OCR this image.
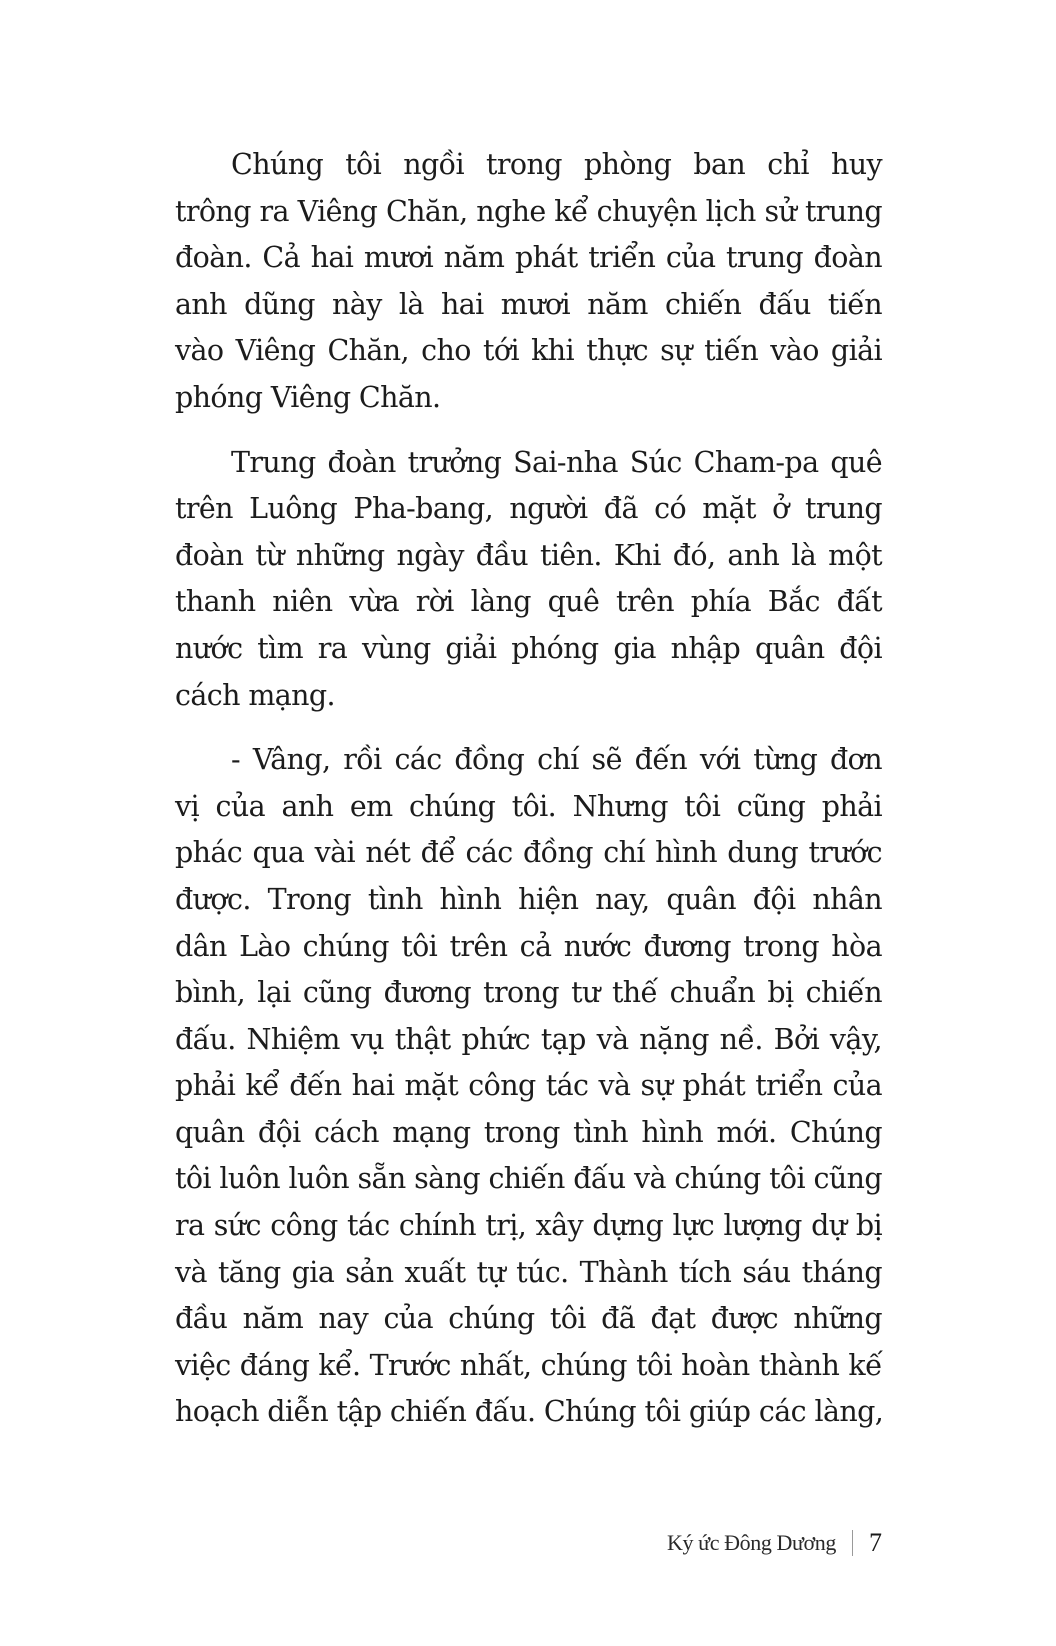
Chúng tôi ngồi trong phòng ban chỉ huy
trông ra Viêng Chăn, nghe kể chuyện lịch sử trung
đoàn. Cả hai mươi năm phát triển của trung đoàn
anh dũng này là hai mươi năm chiến đấu tiến
vào Viêng Chăn, cho tới khi thực sự tiến vào giải
phóng Viêng Chăn.
Trung đoàn trưởng Sai-nha Súc Cham-pa quê
trên Luông Pha-bang, người đã có mặt ở trung
đoàn từ những ngày đầu tiên. Khi đó, anh là một
thanh niên vừa rời làng quê trên phía Bắc đất
nước tìm ra vùng giải phóng gia nhập quân đội
cách mạng.
- Vâng, rồi các đồng chí sẽ đến với từng đơn
vị của anh em chúng tôi. Nhưng tôi cũng phải
phác qua vài nét để các đồng chí hình dung trước
được. Trong tình hình hiện nay, quân đội nhân
dân Lào chúng tôi trên cả nước đương trong hòa
bình, lại cũng đương trong tư thế chuẩn bị chiến
đấu. Nhiệm vụ thật phức tạp và nặng nề. Bởi vậy,
phải kể đến hai mặt công tác và sự phát triển của
quân đội cách mạng trong tình hình mới. Chúng
tôi luôn luôn sẵn sàng chiến đấu và chúng tôi cũng
ra sức công tác chính trị, xây dựng lực lượng dự bị
và tăng gia sản xuất tự túc. Thành tích sáu tháng
đầu năm nay của chúng tôi đã đạt được những
việc đáng kể. Trước nhất, chúng tôi hoàn thành kế
hoạch diễn tập chiến đấu. Chúng tôi giúp các làng,
Ký ức Đông Dương 7
